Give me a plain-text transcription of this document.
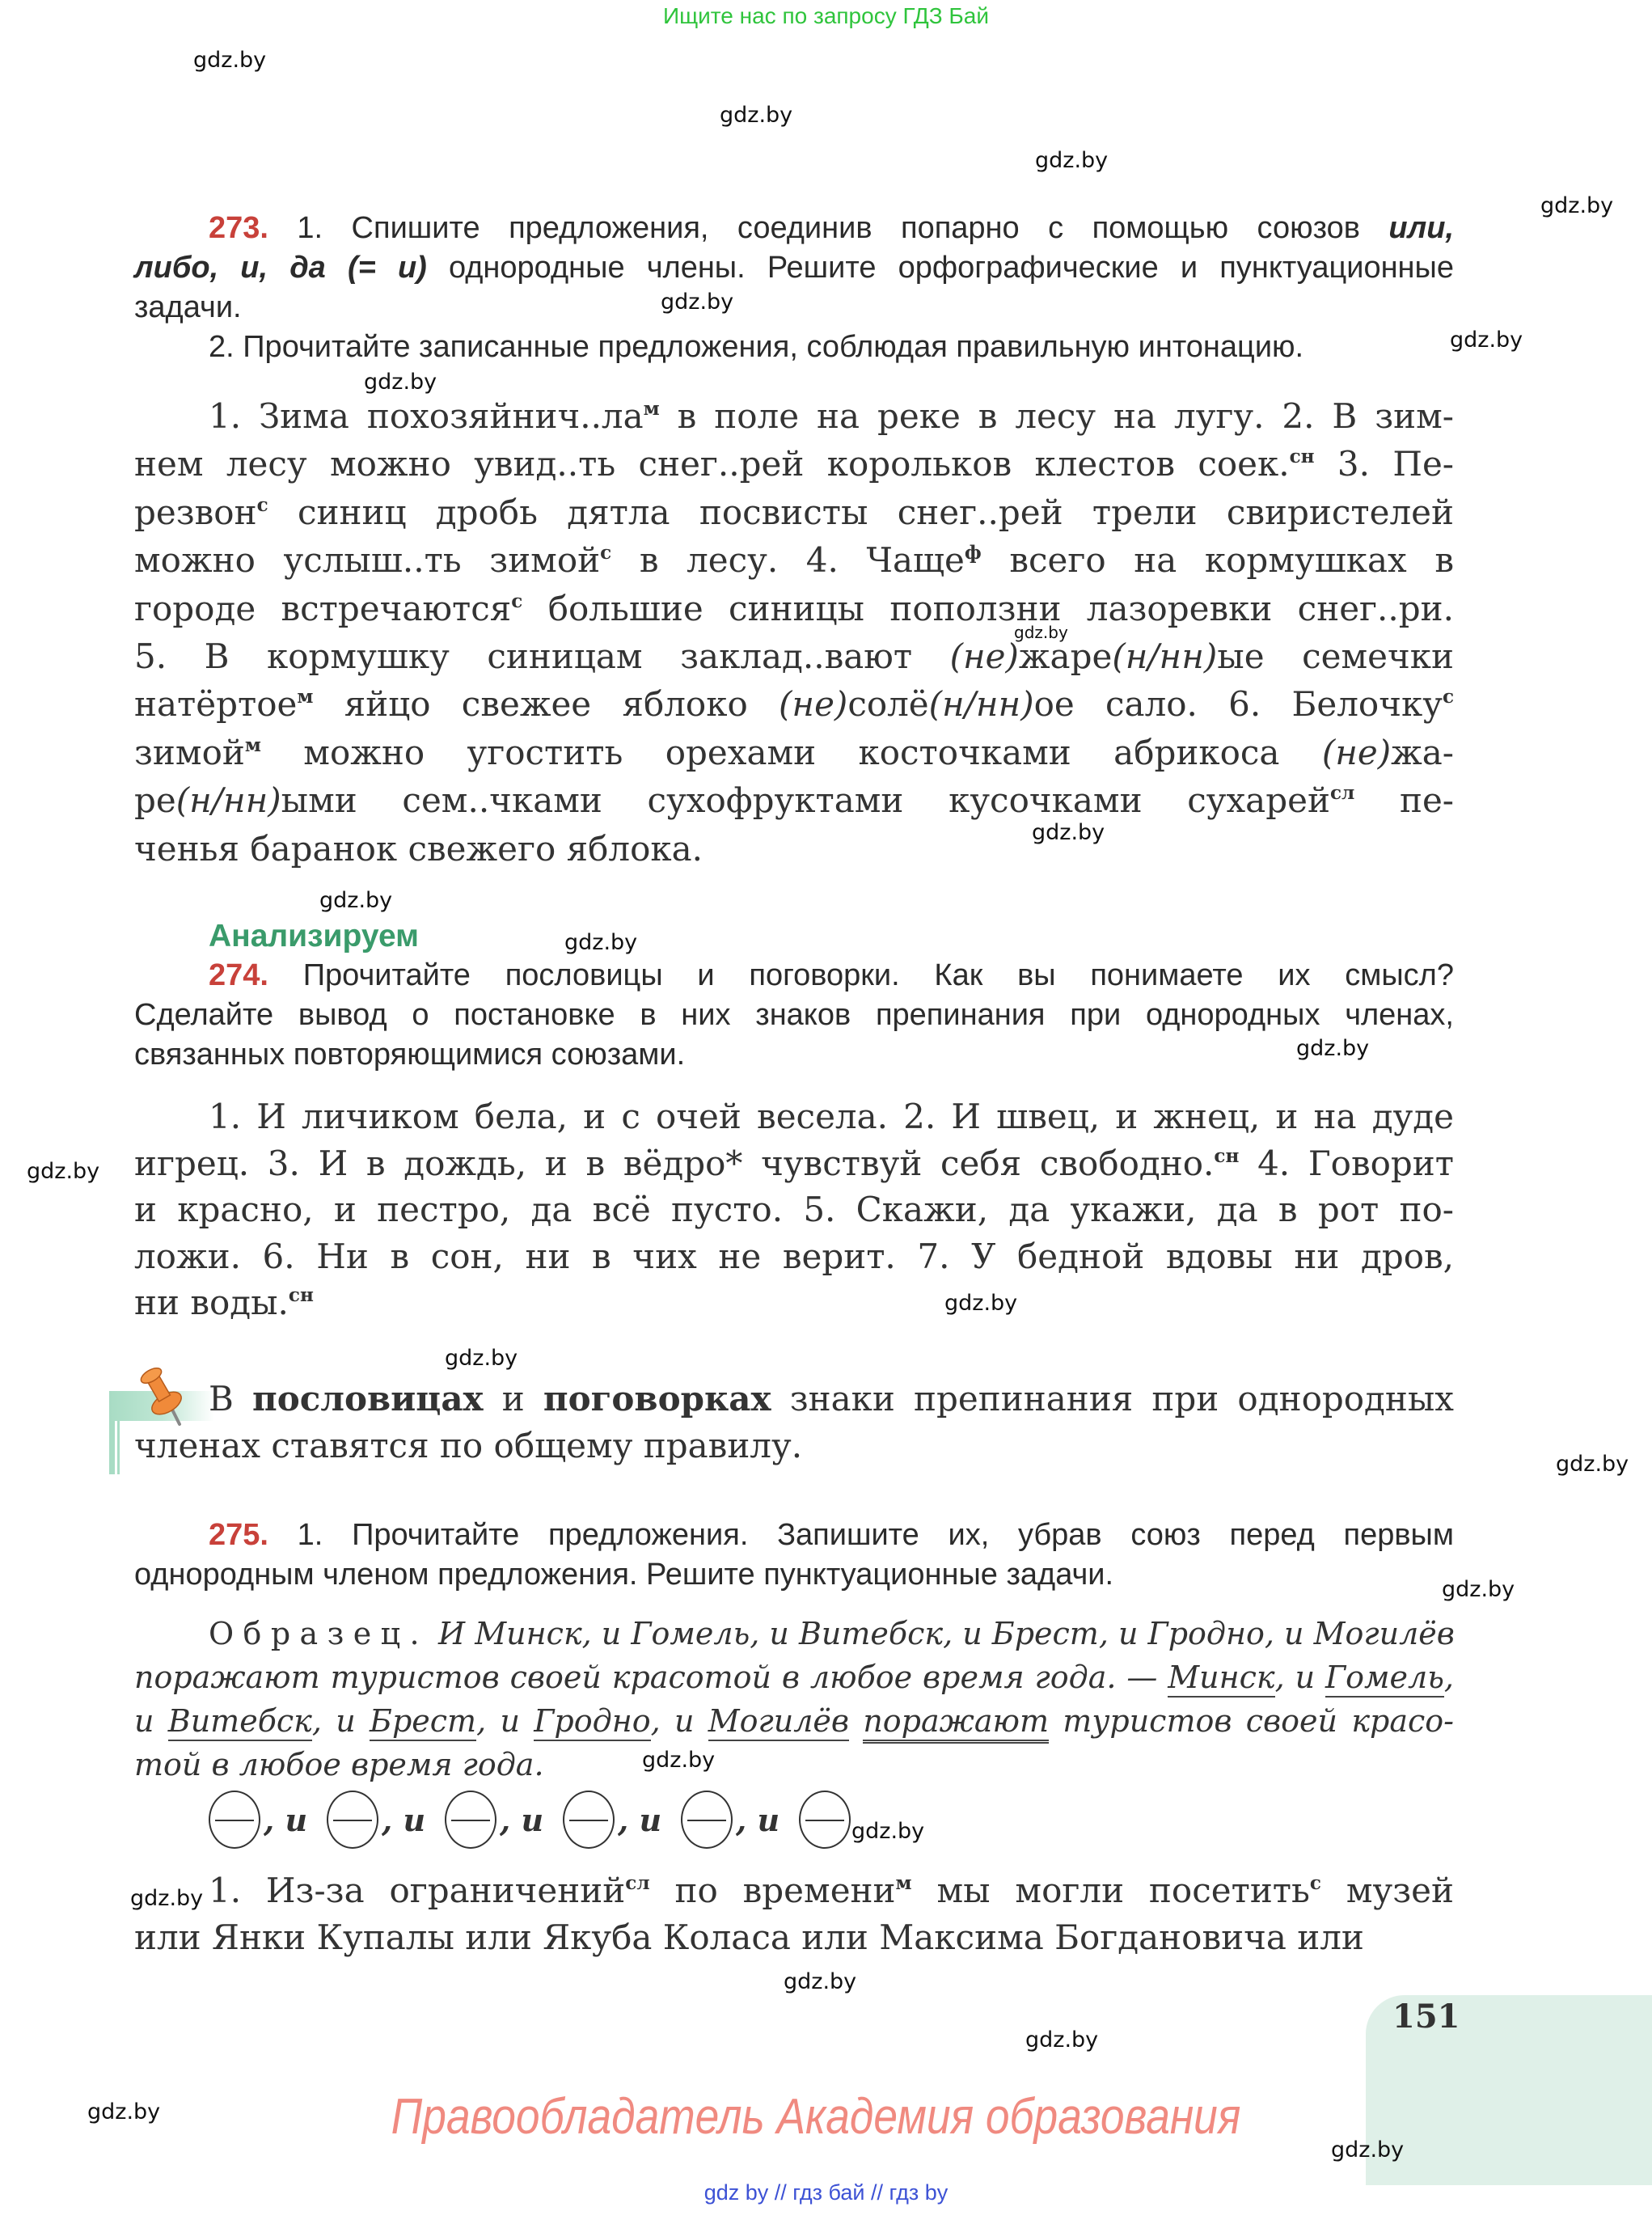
Ищите нас по запросу ГДЗ Бай
gdz.by
gdz.by
gdz.by
gdz.by
gdz.by
gdz.by
gdz.by
gdz.by
gdz.by
gdz.by
gdz.by
gdz.by
gdz.by
gdz.by
gdz.by
gdz.by
gdz.by
gdz.by
gdz.by
gdz.by
gdz.by
gdz.by
gdz.by
273. 1. Спишите предложения, соединив попарно с помощью союзов или,
либо, и, да (= и) однородные члены. Решите орфографические и пунктуационные
задачи.
2. Прочитайте записанные предложения, соблюдая правильную интонацию.
1. Зима $похозяйнич..ла^м$ в поле на реке в лесу на лугу. 2. В зим-
нем лесу можно увид..ть снег..рей корольков клестов соек.$^{сн}$ 3. Пе-
резвон$^с$ синиц дробь дятла посвисты снег..рей трели свиристелей
можно услыш..ть зимой$^с$ в лесу. 4. Чаще$^ф$ всего на кормушках в
городе встречаются$^с$ большие синицы поползни лазоревки снег..ри.
5. В кормушку синицам заклад..вают (не)жаре(н/нн)ые семечки
натёртое$^м$ яйцо свежее яблоко (не)солё(н/нн)ое сало. 6. Белочку$^с$
зимой$^м$ можно угостить орехами косточками абрикоса (не)жа-
ре(н/нн)ыми сем..чками сухофруктами кусочками сухарей$^{сл}$ пе-
ченья баранок свежего яблока.
Анализируем
274. Прочитайте пословицы и поговорки. Как вы понимаете их смысл?
Сделайте вывод о постановке в них знаков препинания при однородных членах,
связанных повторяющимися союзами.
1. И личиком бела, и с очей весела. 2. И швец, и жнец, и на дуде
игрец. 3. И в дождь, и в вёдро* чувствуй себя свободно.$^{сн}$ 4. Говорит
и красно, и пестро, да всё пусто. 5. Скажи, да укажи, да в рот по-
ложи. 6. Ни в сон, ни в чих не верит. 7. У бедной вдовы ни дров,
ни воды.$^{сн}$
В пословицах и поговорках знаки препинания при однородных
членах ставятся по общему правилу.
275. 1. Прочитайте предложения. Запишите их, убрав союз перед первым
однородным членом предложения. Решите пунктуационные задачи.
Образец. И Минск, и Гомель, и Витебск, и Брест, и Гродно, и Могилёв
поражают туристов своей красотой в любое время года. — Минск, и Гомель,
и Витебск, и Брест, и Гродно, и Могилёв поражают туристов своей красо-
той в любое время года.
, и	, и	, и	, и	, и
1. Из-за ограничений$^{сл}$ по времени$^м$ мы могли посетить$^с$ музей
или Янки Купалы или Якуба Коласа или Максима Богдановича или
151
gdz.by
Правообладатель Академия образования
gdz by // гдз бай // гдз by
